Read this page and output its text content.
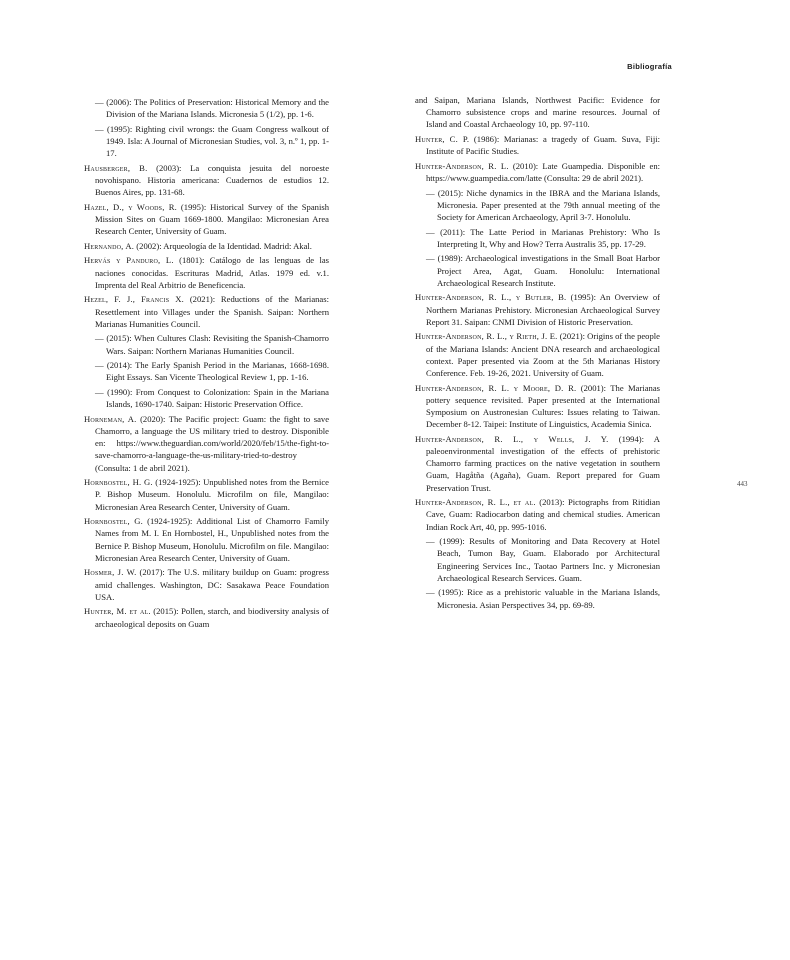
Bibliografía
443

— (2006): The Politics of Preservation: Historical Memory and the Division of the Mariana Islands. Micronesia 5 (1/2), pp. 1-6.

— (1995): Righting civil wrongs: the Guam Congress walkout of 1949. Isla: A Journal of Micronesian Studies, vol. 3, n.º 1, pp. 1-17.

Hausberger, B. (2003): La conquista jesuita del noroeste novohispano. Historia americana: Cuadernos de estudios 12. Buenos Aires, pp. 131-68.

Hazel, D., y Woods, R. (1995): Historical Survey of the Spanish Mission Sites on Guam 1669-1800. Mangilao: Micronesian Area Research Center, University of Guam.

Hernando, A. (2002): Arqueología de la Identidad. Madrid: Akal.

Hervás y Panduro, L. (1801): Catálogo de las lenguas de las naciones conocidas. Escrituras Madrid, Atlas. 1979 ed. v.1. Imprenta del Real Arbitrio de Beneficencia.

Hezel, F. J., Francis X. (2021): Reductions of the Marianas: Resettlement into Villages under the Spanish. Saipan: Northern Marianas Humanities Council.

— (2015): When Cultures Clash: Revisiting the Spanish-Chamorro Wars. Saipan: Northern Marianas Humanities Council.

— (2014): The Early Spanish Period in the Marianas, 1668-1698. Eight Essays. San Vicente Theological Review 1, pp. 1-16.

— (1990): From Conquest to Colonization: Spain in the Mariana Islands, 1690-1740. Saipan: Historic Preservation Office.

Horneman, A. (2020): The Pacific project: Guam: the fight to save Chamorro, a language the US military tried to destroy. Disponible en: https://www.theguardian.com/world/2020/feb/15/the-fight-to-save-chamorro-a-language-the-us-military-tried-to-destroy (Consulta: 1 de abril 2021).

Hornbostel, H. G. (1924-1925): Unpublished notes from the Bernice P. Bishop Museum. Honolulu. Microfilm on file, Mangilao: Micronesian Area Research Center, University of Guam.

Hornbostel, G. (1924-1925): Additional List of Chamorro Family Names from M. I. En Hornbostel, H., Unpublished notes from the Bernice P. Bishop Museum, Honolulu. Microfilm on file. Mangilao: Micronesian Area Research Center, University of Guam.

Hosmer, J. W. (2017): The U.S. military buildup on Guam: progress amid challenges. Washington, DC: Sasakawa Peace Foundation USA.

Hunter, M. et al. (2015): Pollen, starch, and biodiversity analysis of archaeological deposits on Guam

and Saipan, Mariana Islands, Northwest Pacific: Evidence for Chamorro subsistence crops and marine resources. Journal of Island and Coastal Archaeology 10, pp. 97-110.

Hunter, C. P. (1986): Marianas: a tragedy of Guam. Suva, Fiji: Institute of Pacific Studies.

Hunter-Anderson, R. L. (2010): Late Guampedia. Disponible en: https://www.guampedia.com/latte (Consulta: 29 de abril 2021).

— (2015): Niche dynamics in the IBRA and the Mariana Islands, Micronesia. Paper presented at the 79th annual meeting of the Society for American Archaeology, April 3-7. Honolulu.

— (2011): The Latte Period in Marianas Prehistory: Who Is Interpreting It, Why and How? Terra Australis 35, pp. 17-29.

— (1989): Archaeological investigations in the Small Boat Harbor Project Area, Agat, Guam. Honolulu: International Archaeological Research Institute.

Hunter-Anderson, R. L., y Butler, B. (1995): An Overview of Northern Marianas Prehistory. Micronesian Archaeological Survey Report 31. Saipan: CNMI Division of Historic Preservation.

Hunter-Anderson, R. L., y Rieth, J. E. (2021): Origins of the people of the Mariana Islands: Ancient DNA research and archaeological context. Paper presented via Zoom at the 5th Marianas History Conference. Feb. 19-26, 2021. University of Guam.

Hunter-Anderson, R. L. y Moore, D. R. (2001): The Marianas pottery sequence revisited. Paper presented at the International Symposium on Austronesian Cultures: Issues relating to Taiwan. December 8-12. Taipei: Institute of Linguistics, Academia Sinica.

Hunter-Anderson, R. L., y Wells, J. Y. (1994): A paleoenvironmental investigation of the effects of prehistoric Chamorro farming practices on the native vegetation in southern Guam, Hagåtña (Agaña), Guam. Report prepared for Guam Preservation Trust.

Hunter-Anderson, R. L., et al. (2013): Pictographs from Ritidian Cave, Guam: Radiocarbon dating and chemical studies. American Indian Rock Art, 40, pp. 995-1016.

— (1999): Results of Monitoring and Data Recovery at Hotel Beach, Tumon Bay, Guam. Elaborado por Architectural Engineering Services Inc., Taotao Partners Inc. y Micronesian Archaeological Research Services. Guam.

— (1995): Rice as a prehistoric valuable in the Mariana Islands, Micronesia. Asian Perspectives 34, pp. 69-89.
